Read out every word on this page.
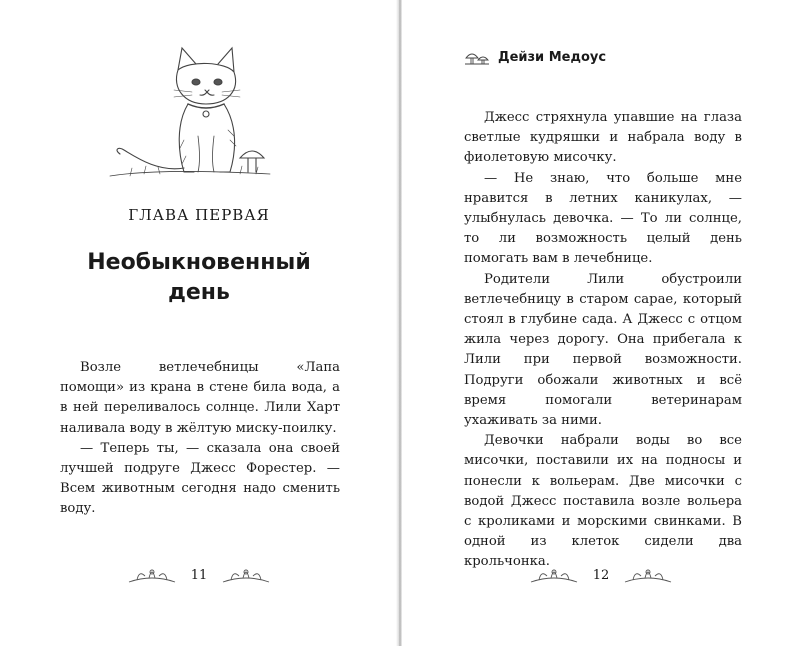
ГЛАВА ПЕРВАЯ
Необыкновенный
день

Возле ветлечебницы «Лапа помощи» из крана в стене била вода, а в ней переливалось солнце. Лили Харт наливала воду в жёлтую миску-поилку.

— Теперь ты, — сказала она своей лучшей подруге Джесс Форестер. — Всем животным сегодня надо сменить воду.

11
Дейзи Медоус

Джесс стряхнула упавшие на глаза светлые кудряшки и набрала воду в фиолетовую мисочку.

— Не знаю, что больше мне нравится в летних каникулах, — улыбнулась девочка. — То ли солнце, то ли возможность целый день помогать вам в лечебнице.

Родители Лили обустроили ветлечебницу в старом сарае, который стоял в глубине сада. А Джесс с отцом жила через дорогу. Она прибегала к Лили при первой возможности. Подруги обожали животных и всё время помогали ветеринарам ухаживать за ними.

Девочки набрали воды во все мисочки, поставили их на подносы и понесли к вольерам. Две мисочки с водой Джесс поставила возле вольера с кроликами и морскими свинками. В одной из клеток сидели два крольчонка.

12
